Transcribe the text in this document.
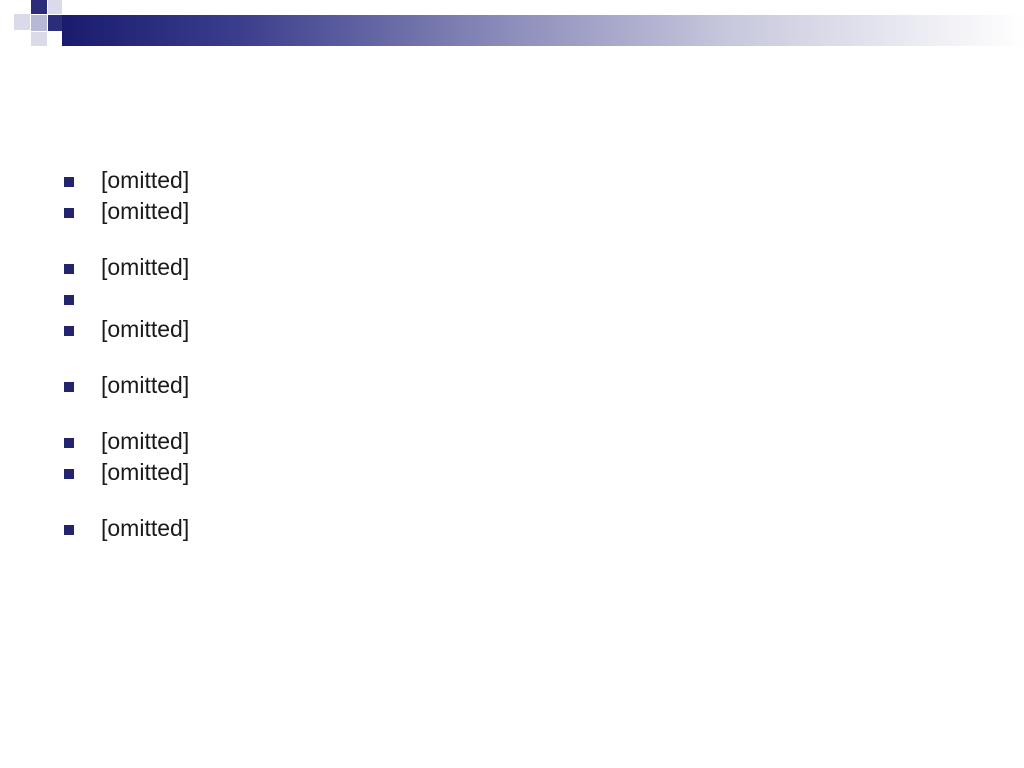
[omitted]
[omitted]
[omitted]
[omitted]
[omitted]
[omitted]
[omitted]
[omitted]
